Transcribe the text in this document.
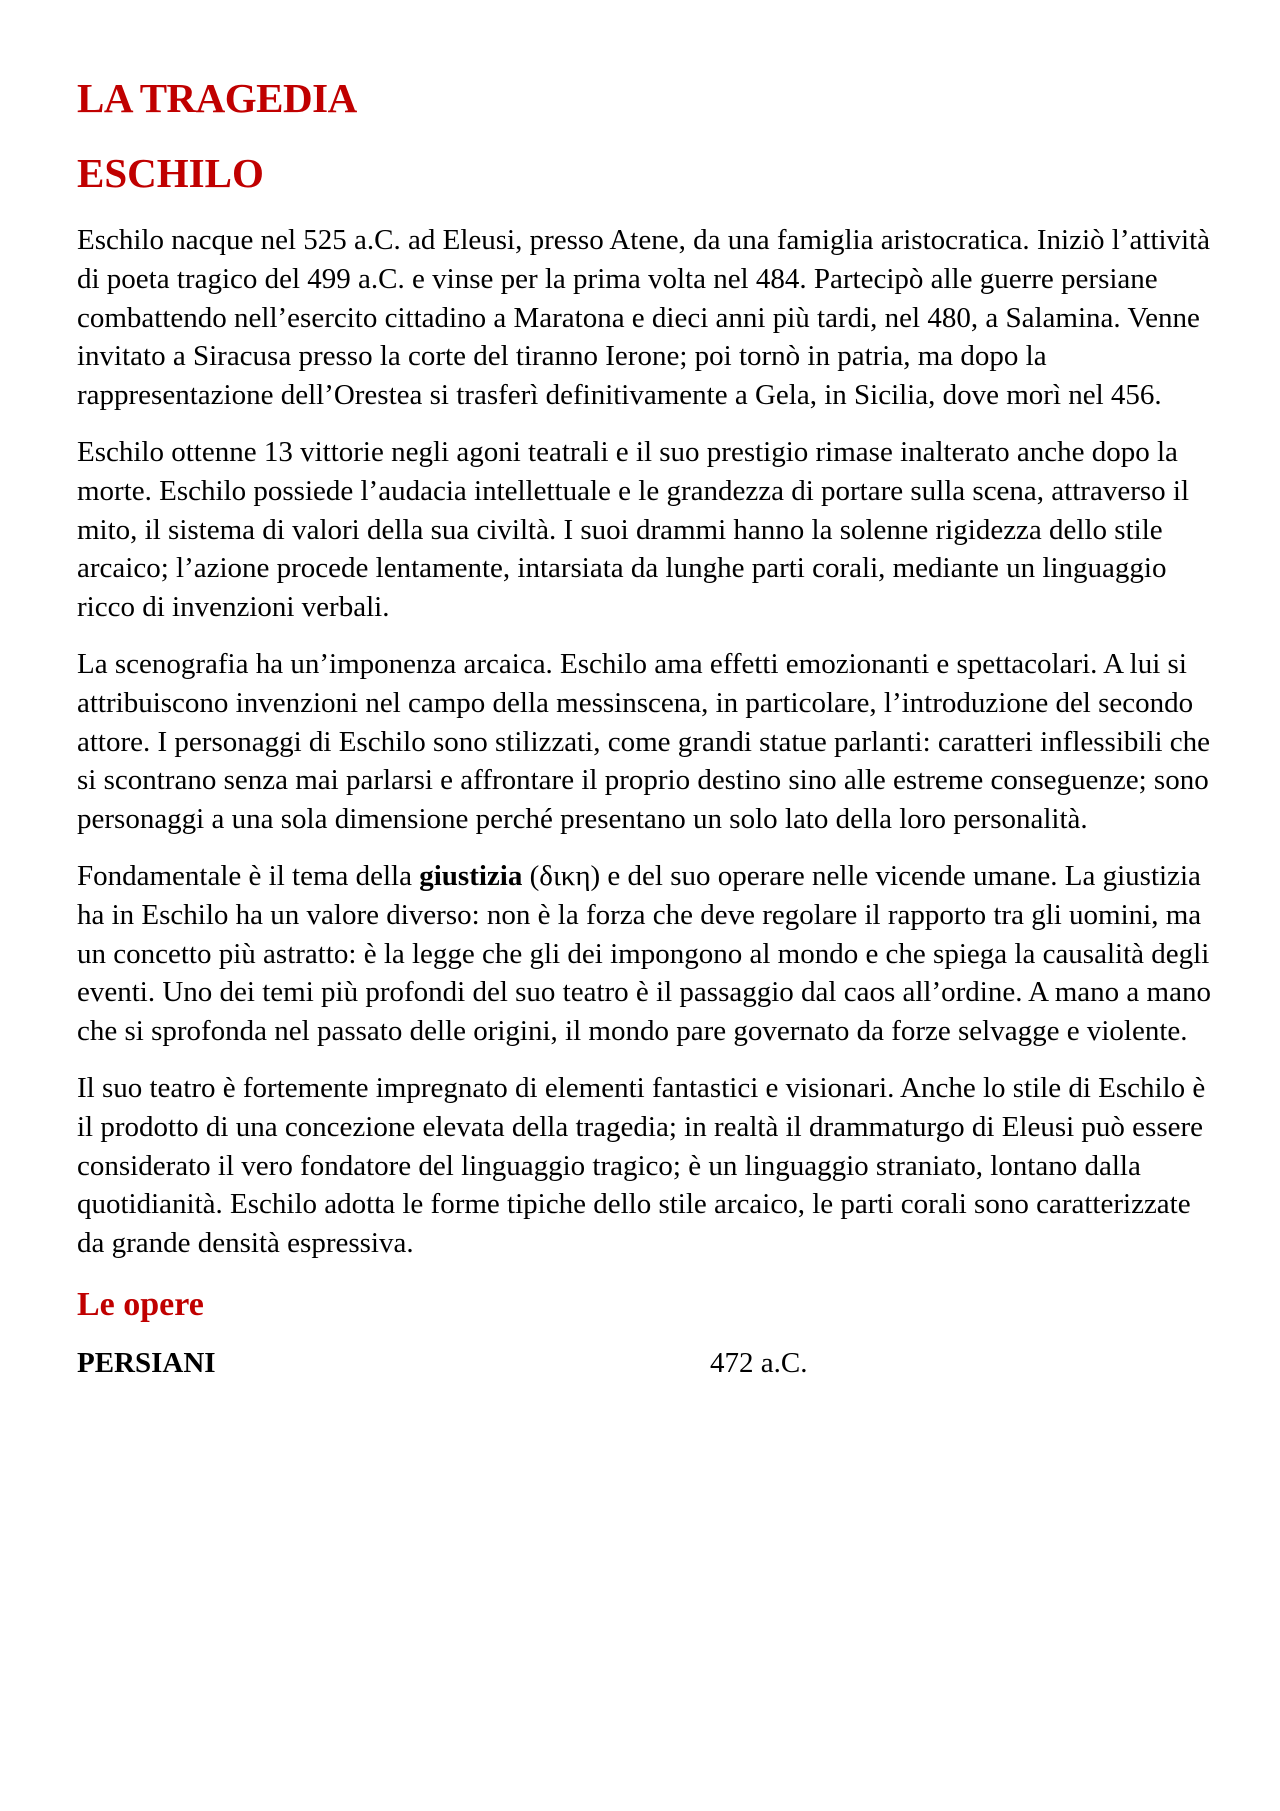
LA TRAGEDIA
ESCHILO

Eschilo nacque nel 525 a.C. ad Eleusi, presso Atene, da una famiglia aristocratica. Iniziò l’attività di poeta tragico del 499 a.C. e vinse per la prima volta nel 484. Partecipò alle guerre persiane combattendo nell’esercito cittadino a Maratona e dieci anni più tardi, nel 480, a Salamina. Venne invitato a Siracusa presso la corte del tiranno Ierone; poi tornò in patria, ma dopo la rappresentazione dell’Orestea si trasferì definitivamente a Gela, in Sicilia, dove morì nel 456.

Eschilo ottenne 13 vittorie negli agoni teatrali e il suo prestigio rimase inalterato anche dopo la morte. Eschilo possiede l’audacia intellettuale e le grandezza di portare sulla scena, attraverso il mito, il sistema di valori della sua civiltà. I suoi drammi hanno la solenne rigidezza dello stile arcaico; l’azione procede lentamente, intarsiata da lunghe parti corali, mediante un linguaggio ricco di invenzioni verbali.

La scenografia ha un’imponenza arcaica. Eschilo ama effetti emozionanti e spettacolari. A lui si attribuiscono invenzioni nel campo della messinscena, in particolare, l’introduzione del secondo attore. I personaggi di Eschilo sono stilizzati, come grandi statue parlanti: caratteri inflessibili che si scontrano senza mai parlarsi e affrontare il proprio destino sino alle estreme conseguenze; sono personaggi a una sola dimensione perché presentano un solo lato della loro personalità.

Fondamentale è il tema della giustizia (δικη) e del suo operare nelle vicende umane. La giustizia ha in Eschilo ha un valore diverso: non è la forza che deve regolare il rapporto tra gli uomini, ma un concetto più astratto: è la legge che gli dei impongono al mondo e che spiega la causalità degli eventi. Uno dei temi più profondi del suo teatro è il passaggio dal caos all’ordine. A mano a mano che si sprofonda nel passato delle origini, il mondo pare governato da forze selvagge e violente.

Il suo teatro è fortemente impregnato di elementi fantastici e visionari. Anche lo stile di Eschilo è il prodotto di una concezione elevata della tragedia; in realtà il drammaturgo di Eleusi può essere considerato il vero fondatore del linguaggio tragico; è un linguaggio straniato, lontano dalla quotidianità. Eschilo adotta le forme tipiche dello stile arcaico, le parti corali sono caratterizzate da grande densità espressiva.

Le opere
PERSIANI	472 a.C.
